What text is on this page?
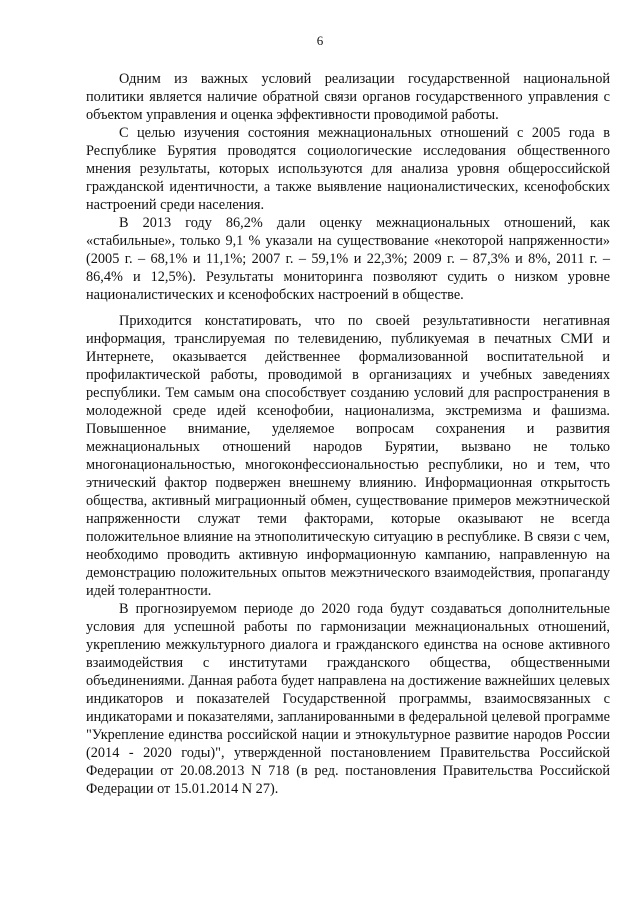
6

Одним из важных условий реализации государственной национальной политики является наличие обратной связи органов государственного управления с объектом управления и оценка эффективности проводимой работы.

С целью изучения состояния межнациональных отношений с 2005 года в Республике Бурятия проводятся социологические исследования общественного мнения результаты, которых используются для анализа уровня общероссийской гражданской идентичности, а также выявление националистических, ксенофобских настроений среди населения.

В 2013 году 86,2% дали оценку межнациональных отношений, как «стабильные», только 9,1 % указали на существование «некоторой напряженности» (2005 г. – 68,1% и 11,1%; 2007 г. – 59,1% и 22,3%; 2009 г. – 87,3% и 8%, 2011 г. – 86,4% и 12,5%). Результаты мониторинга позволяют судить о низком уровне националистических и ксенофобских настроений в обществе.

Приходится констатировать, что по своей результативности негативная информация, транслируемая по телевидению, публикуемая в печатных СМИ и Интернете, оказывается действеннее формализованной воспитательной и профилактической работы, проводимой в организациях и учебных заведениях республики. Тем самым она способствует созданию условий для распространения в молодежной среде идей ксенофобии, национализма, экстремизма и фашизма. Повышенное внимание, уделяемое вопросам сохранения и развития межнациональных отношений народов Бурятии, вызвано не только многонациональностью, многоконфессиональностью республики, но и тем, что этнический фактор подвержен внешнему влиянию. Информационная открытость общества, активный миграционный обмен, существование примеров межэтнической напряженности служат теми факторами, которые оказывают не всегда положительное влияние на этнополитическую ситуацию в республике. В связи с чем, необходимо проводить активную информационную кампанию, направленную на демонстрацию положительных опытов межэтнического взаимодействия, пропаганду идей толерантности.

В прогнозируемом периоде до 2020 года будут создаваться дополнительные условия для успешной работы по гармонизации межнациональных отношений, укреплению межкультурного диалога и гражданского единства на основе активного взаимодействия с институтами гражданского общества, общественными объединениями. Данная работа будет направлена на достижение важнейших целевых индикаторов и показателей Государственной программы, взаимосвязанных с индикаторами и показателями, запланированными в федеральной целевой программе "Укрепление единства российской нации и этнокультурное развитие народов России (2014 - 2020 годы)", утвержденной постановлением Правительства Российской Федерации от 20.08.2013 N 718 (в ред. постановления Правительства Российской Федерации от 15.01.2014 N 27).
